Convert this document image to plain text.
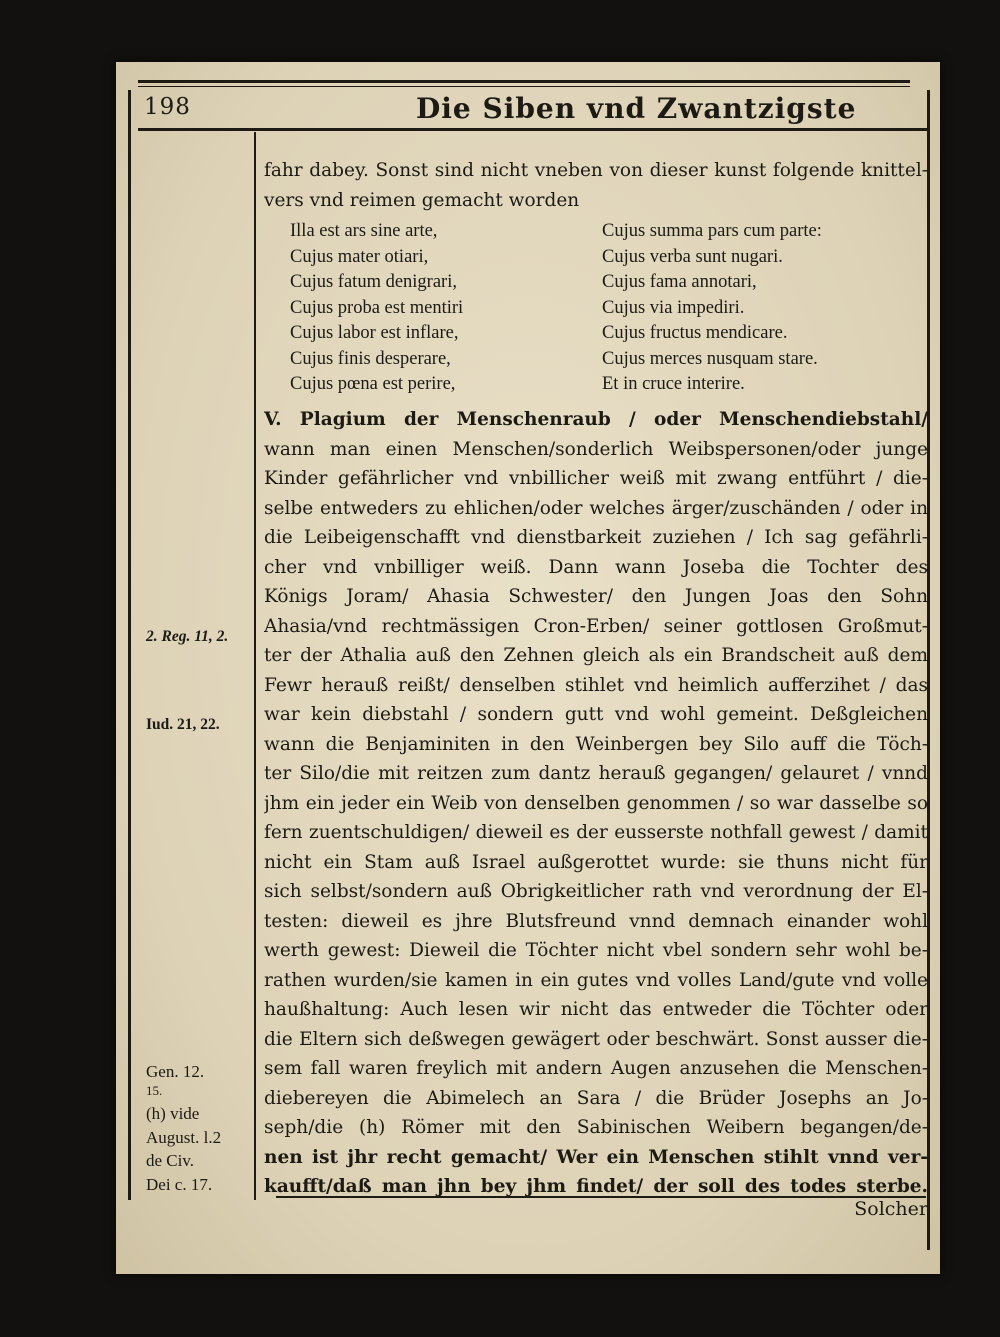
198	Die Siben vnd Zwantzigste
2. Reg. 11, 2.
Iud. 21, 22.
Gen. 12.
15.
(h) vide
August. l.2
de Civ.
Dei c. 17.
fahr dabey. Sonst sind nicht vneben von dieser kunst folgende knittel-
vers vnd reimen gemacht worden
Illa est ars sine arte,
Cujus mater otiari,
Cujus fatum denigrari,
Cujus proba est mentiri
Cujus labor est inflare,
Cujus finis desperare,
Cujus pœna est perire,
Cujus summa pars cum parte:
Cujus verba sunt nugari.
Cujus fama annotari,
Cujus via impediri.
Cujus fructus mendicare.
Cujus merces nusquam stare.
Et in cruce interire.
V. Plagium der Menschenraub / oder Menschendiebstahl/
wann man einen Menschen/sonderlich Weibspersonen/oder junge
Kinder gefährlicher vnd vnbillicher weiß mit zwang entführt / die-
selbe entweders zu ehlichen/oder welches ärger/zuschänden / oder in
die Leibeigenschafft vnd dienstbarkeit zuziehen / Ich sag gefährli-
cher vnd vnbilliger weiß. Dann wann Joseba die Tochter des
Königs Joram/ Ahasia Schwester/ den Jungen Joas den Sohn
Ahasia/vnd rechtmässigen Cron-Erben/ seiner gottlosen Großmut-
ter der Athalia auß den Zehnen gleich als ein Brandscheit auß dem
Fewr herauß reißt/ denselben stihlet vnd heimlich aufferzihet / das
war kein diebstahl / sondern gutt vnd wohl gemeint. Deßgleichen
wann die Benjaminiten in den Weinbergen bey Silo auff die Töch-
ter Silo/die mit reitzen zum dantz herauß gegangen/ gelauret / vnnd
jhm ein jeder ein Weib von denselben genommen / so war dasselbe so
fern zuentschuldigen/ dieweil es der eusserste nothfall gewest / damit
nicht ein Stam auß Israel außgerottet wurde: sie thuns nicht für
sich selbst/sondern auß Obrigkeitlicher rath vnd verordnung der El-
testen: dieweil es jhre Blutsfreund vnnd demnach einander wohl
werth gewest: Dieweil die Töchter nicht vbel sondern sehr wohl be-
rathen wurden/sie kamen in ein gutes vnd volles Land/gute vnd volle
haußhaltung: Auch lesen wir nicht das entweder die Töchter oder
die Eltern sich deßwegen gewägert oder beschwärt. Sonst ausser die-
sem fall waren freylich mit andern Augen anzusehen die Menschen-
diebereyen die Abimelech an Sara / die Brüder Josephs an Jo-
seph/die (h) Römer mit den Sabinischen Weibern begangen/de-
nen ist jhr recht gemacht/ Wer ein Menschen stihlt vnnd ver-
kaufft/daß man jhn bey jhm findet/ der soll des todes sterbe.
Solcher
